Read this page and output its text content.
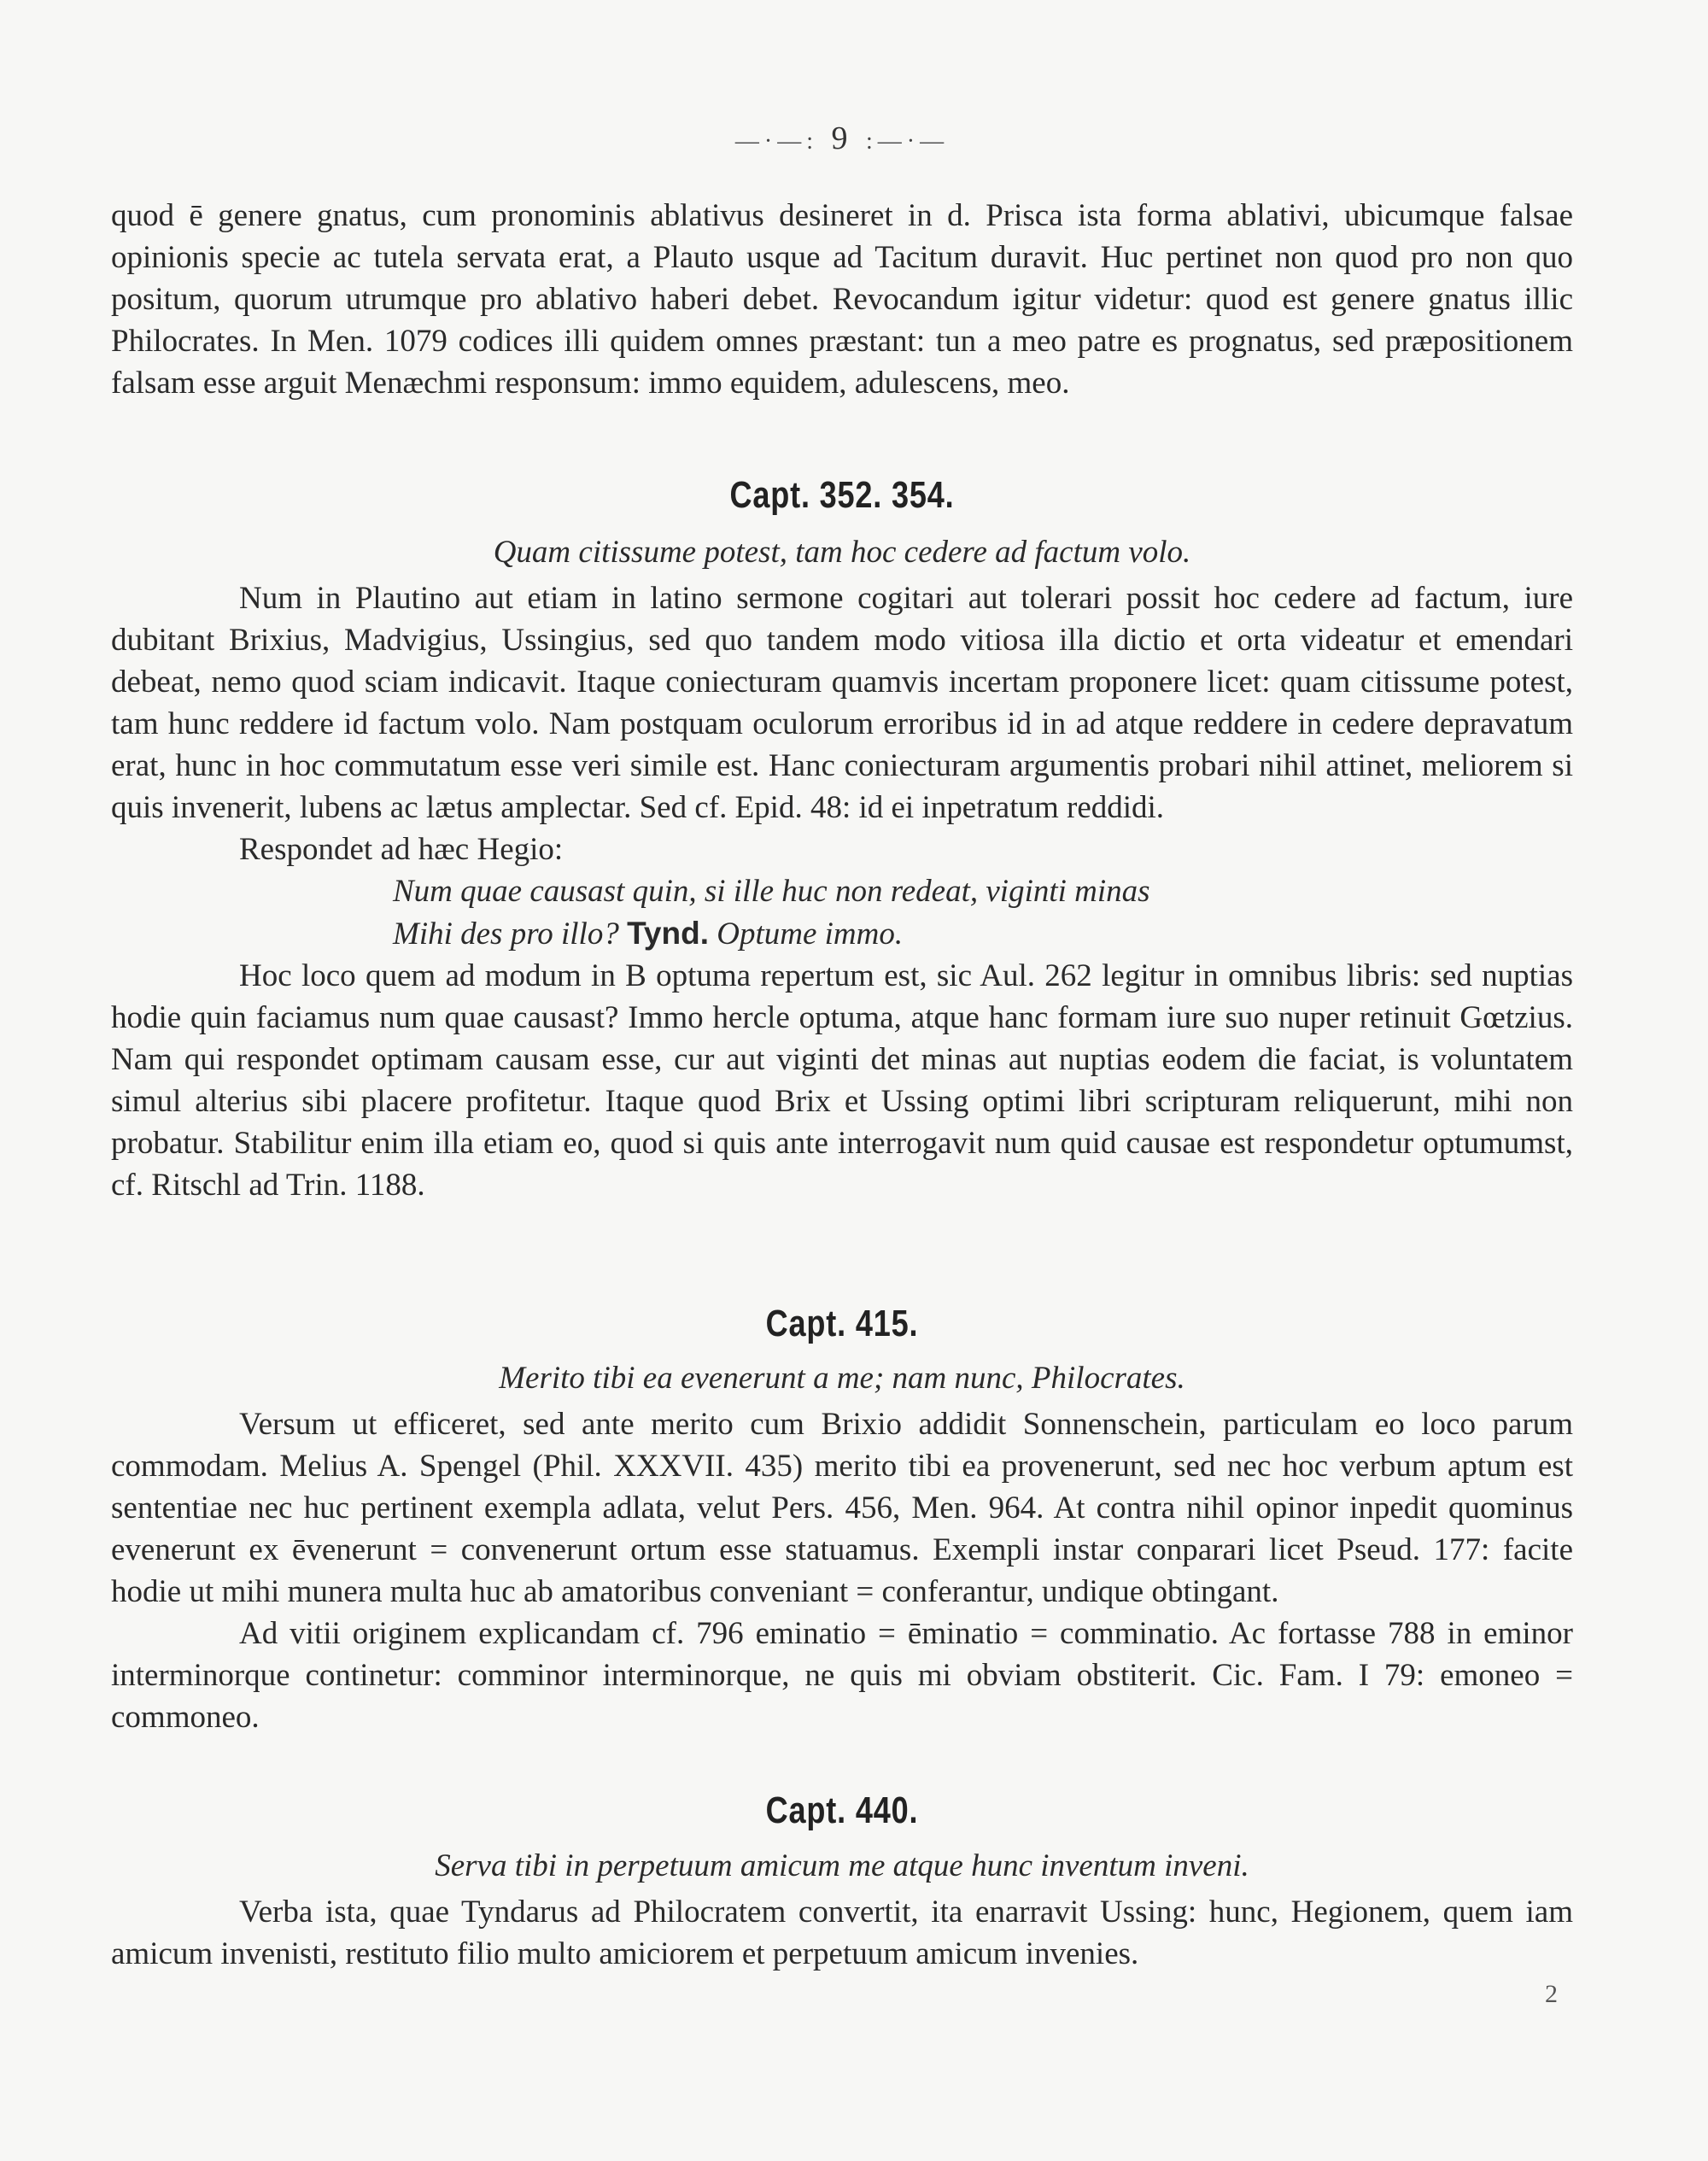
—·—: 9 :—·—

quod ē genere gnatus, cum pronominis ablativus desineret in d. Prisca ista forma ablativi, ubicumque falsae opinionis specie ac tutela servata erat, a Plauto usque ad Tacitum duravit. Huc pertinet non quod pro non quo positum, quorum utrumque pro ablativo haberi debet. Revocandum igitur videtur: quod est genere gnatus illic Philocrates. In Men. 1079 codices illi quidem omnes præstant: tun a meo patre es prognatus, sed præpositionem falsam esse arguit Menæchmi responsum: immo equidem, adulescens, meo.

Capt. 352. 354.
Quam citissume potest, tam hoc cedere ad factum volo.

Num in Plautino aut etiam in latino sermone cogitari aut tolerari possit hoc cedere ad factum, iure dubitant Brixius, Madvigius, Ussingius, sed quo tandem modo vitiosa illa dictio et orta videatur et emendari debeat, nemo quod sciam indicavit. Itaque coniecturam quamvis incertam proponere licet: quam citissume potest, tam hunc reddere id factum volo. Nam postquam oculorum erroribus id in ad atque reddere in cedere depravatum erat, hunc in hoc commutatum esse veri simile est. Hanc coniecturam argumentis probari nihil attinet, meliorem si quis invenerit, lubens ac lætus amplectar. Sed cf. Epid. 48: id ei inpetratum reddidi.

Respondet ad hæc Hegio:

Num quae causast quin, si ille huc non redeat, viginti minas
Mihi des pro illo? Tynd. Optume immo.

Hoc loco quem ad modum in B optuma repertum est, sic Aul. 262 legitur in omnibus libris: sed nuptias hodie quin faciamus num quae causast? Immo hercle optuma, atque hanc formam iure suo nuper retinuit Gœtzius. Nam qui respondet optimam causam esse, cur aut viginti det minas aut nuptias eodem die faciat, is voluntatem simul alterius sibi placere profitetur. Itaque quod Brix et Ussing optimi libri scripturam reliquerunt, mihi non probatur. Stabilitur enim illa etiam eo, quod si quis ante interrogavit num quid causae est respondetur optumumst, cf. Ritschl ad Trin. 1188.

Capt. 415.
Merito tibi ea evenerunt a me; nam nunc, Philocrates.

Versum ut efficeret, sed ante merito cum Brixio addidit Sonnenschein, particulam eo loco parum commodam. Melius A. Spengel (Phil. XXXVII. 435) merito tibi ea provenerunt, sed nec hoc verbum aptum est sententiae nec huc pertinent exempla adlata, velut Pers. 456, Men. 964. At contra nihil opinor inpedit quominus evenerunt ex ēvenerunt = convenerunt ortum esse statuamus. Exempli instar conparari licet Pseud. 177: facite hodie ut mihi munera multa huc ab amatoribus conveniant = conferantur, undique obtingant.

Ad vitii originem explicandam cf. 796 eminatio = ēminatio = comminatio. Ac fortasse 788 in eminor interminorque continetur: comminor interminorque, ne quis mi obviam obstiterit. Cic. Fam. I 79: emoneo = commoneo.

Capt. 440.
Serva tibi in perpetuum amicum me atque hunc inventum inveni.

Verba ista, quae Tyndarus ad Philocratem convertit, ita enarravit Ussing: hunc, Hegionem, quem iam amicum invenisti, restituto filio multo amiciorem et perpetuum amicum invenies.

2
